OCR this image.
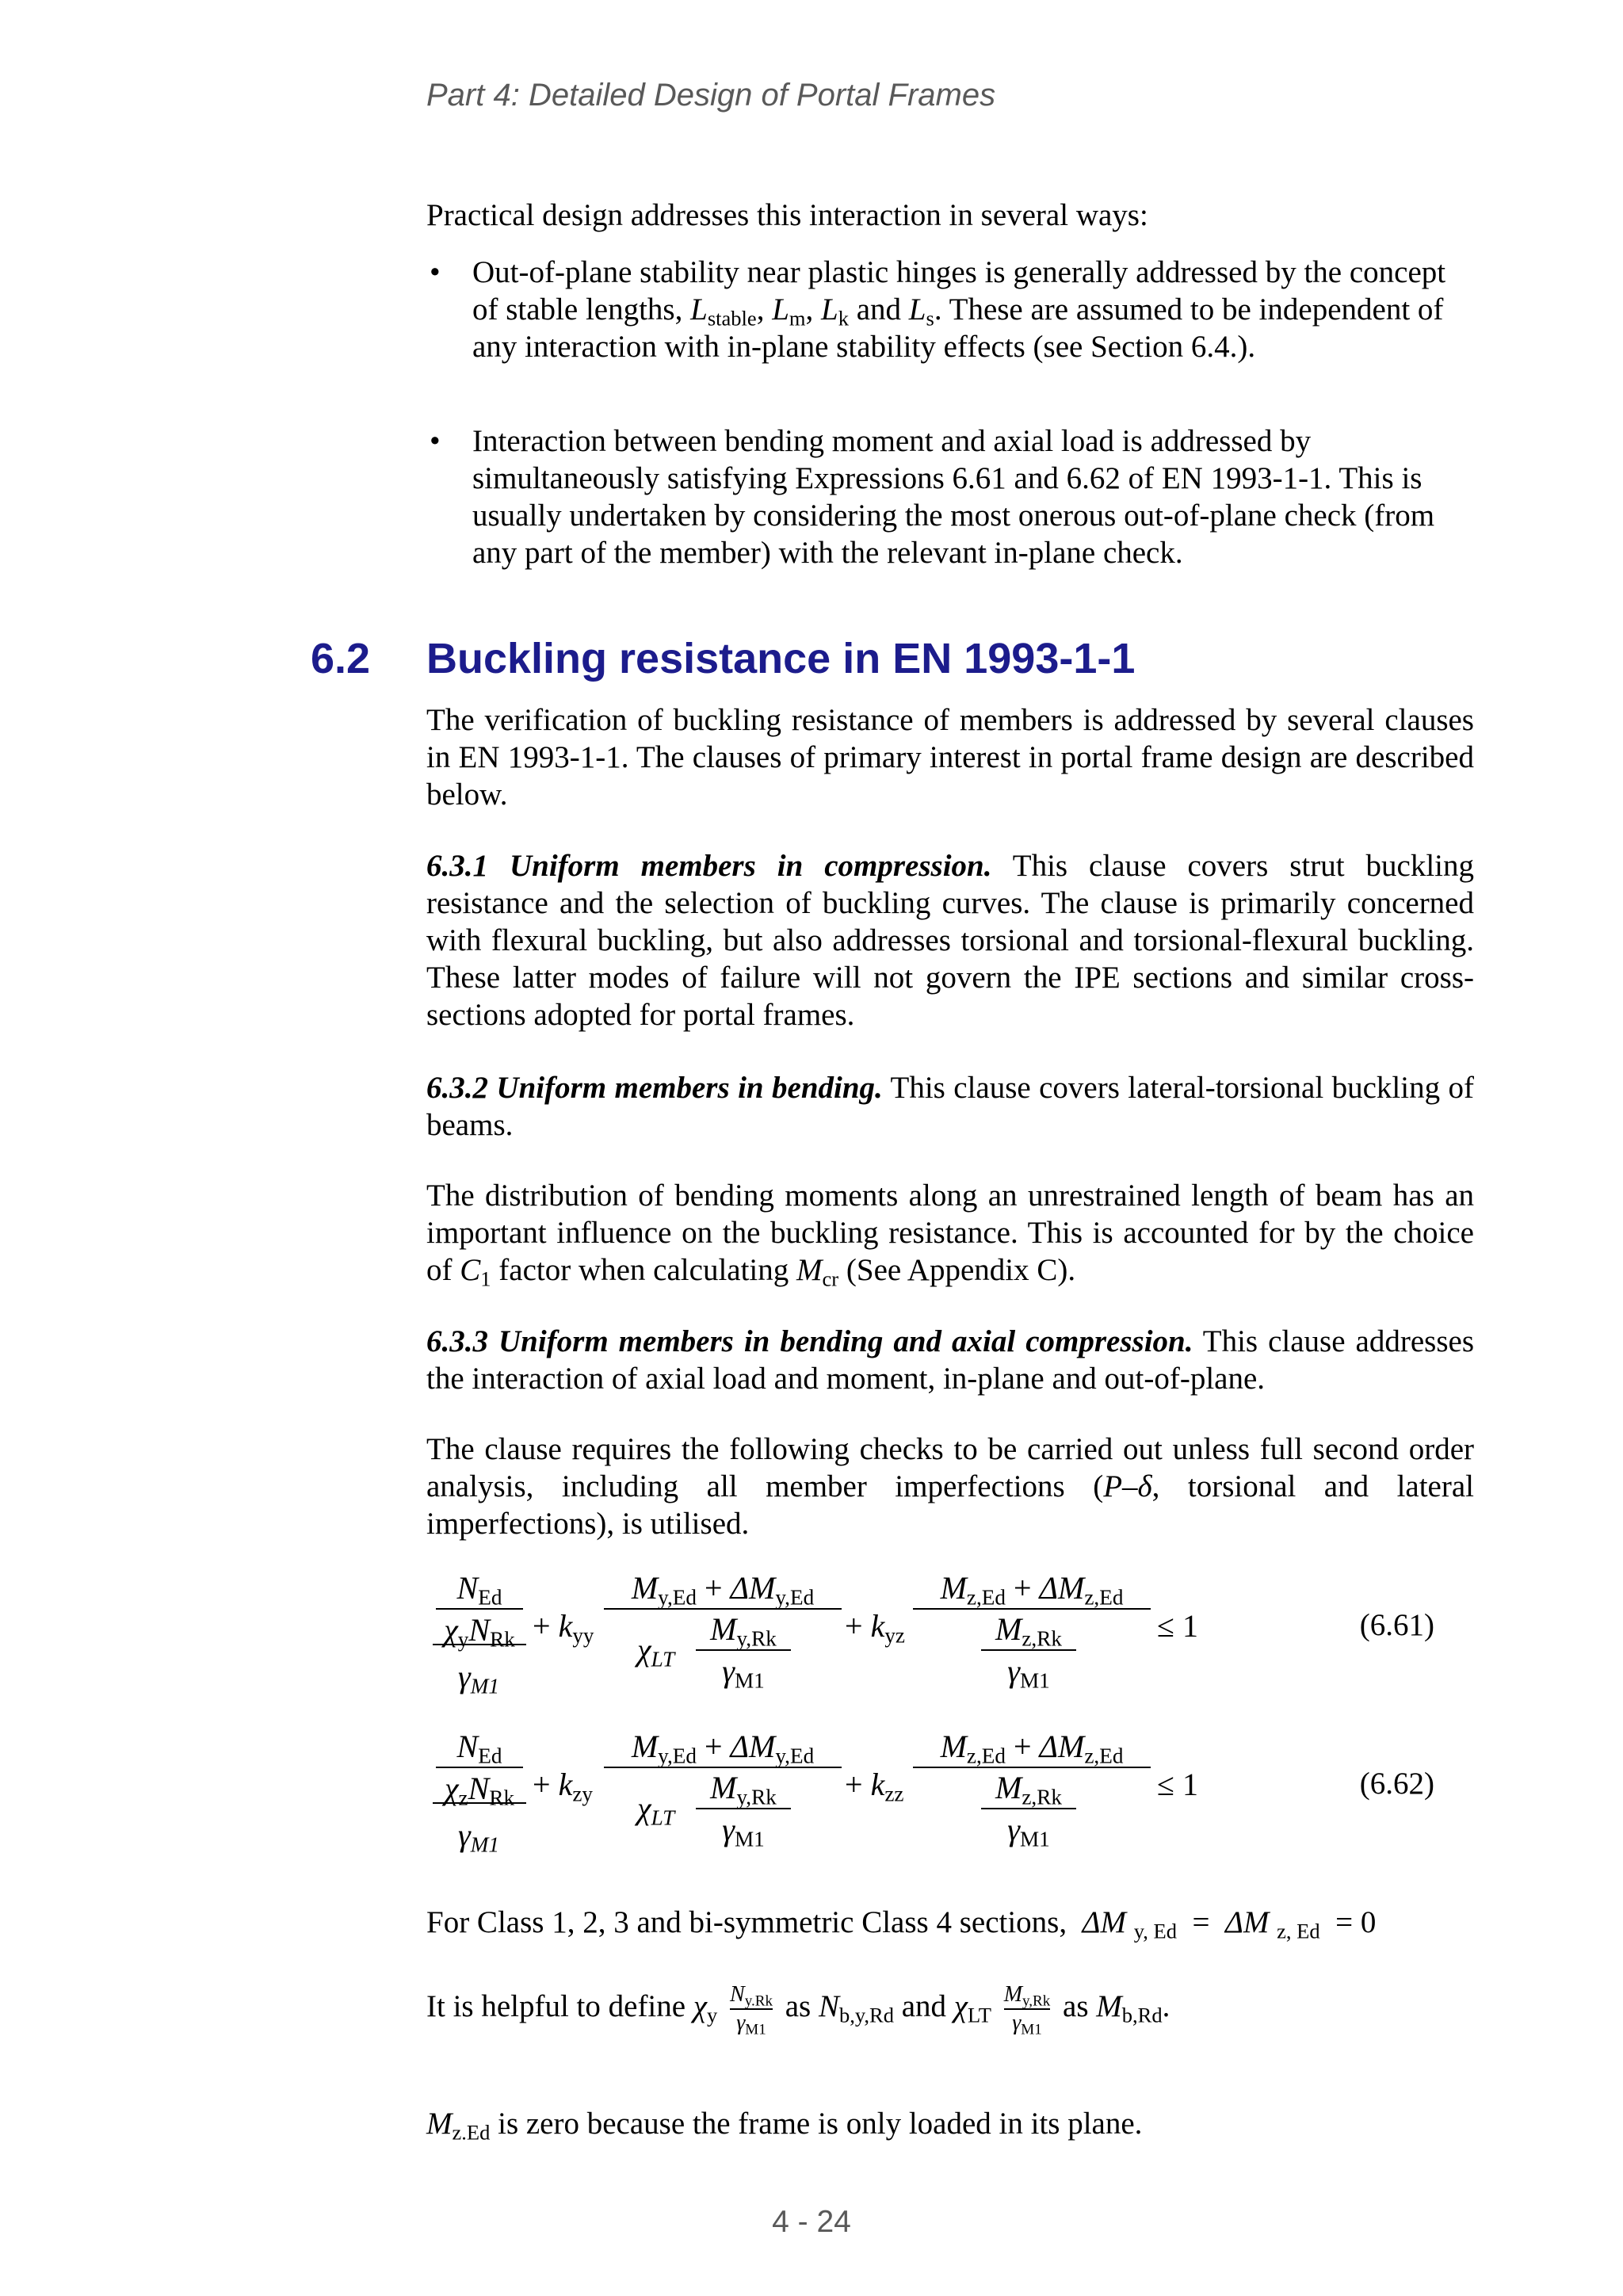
Part 4: Detailed Design of Portal Frames

Practical design addresses this interaction in several ways:

• Out-of-plane stability near plastic hinges is generally addressed by the concept of stable lengths, $L_{stable}$, $L_m$, $L_k$ and $L_s$. These are assumed to be independent of any interaction with in-plane stability effects (see Section 6.4.).
• Interaction between bending moment and axial load is addressed by simultaneously satisfying Expressions 6.61 and 6.62 of EN 1993-1-1. This is usually undertaken by considering the most onerous out-of-plane check (from any part of the member) with the relevant in-plane check.
6.2 Buckling resistance in EN 1993-1-1

The verification of buckling resistance of members is addressed by several clauses in EN 1993-1-1. The clauses of primary interest in portal frame design are described below.

6.3.1 Uniform members in compression. This clause covers strut buckling resistance and the selection of buckling curves. The clause is primarily concerned with flexural buckling, but also addresses torsional and torsional-flexural buckling. These latter modes of failure will not govern the IPE sections and similar cross-sections adopted for portal frames.

6.3.2 Uniform members in bending. This clause covers lateral-torsional buckling of beams.

The distribution of bending moments along an unrestrained length of beam has an important influence on the buckling resistance. This is accounted for by the choice of $C_1$ factor when calculating $M_{cr}$ (See Appendix C).

6.3.3 Uniform members in bending and axial compression. This clause addresses the interaction of axial load and moment, in-plane and out-of-plane.

The clause requires the following checks to be carried out unless full second order analysis, including all member imperfections (P–δ, torsional and lateral imperfections), is utilised.

$N_{Ed}$
$\chi_yN_{Rk}$
$\gamma_{M1}$
+ $k_{yy}$
$M_{y,Ed} + \Delta M_{y,Ed}$
$\chi_{LT}$
$M_{y,Rk}$
$\gamma_{M1}$
+ $k_{yz}$
$M_{z,Ed} + \Delta M_{z,Ed}$
$M_{z,Rk}$
$\gamma_{M1}$
≤ 1	(6.61)
$N_{Ed}$
$\chi_zN_{Rk}$
$\gamma_{M1}$
+ $k_{zy}$
$M_{y,Ed} + \Delta M_{y,Ed}$
$\chi_{LT}$
$M_{y,Rk}$
$\gamma_{M1}$
+ $k_{zz}$
$M_{z,Ed} + \Delta M_{z,Ed}$
$M_{z,Rk}$
$\gamma_{M1}$
≤ 1	(6.62)

For Class 1, 2, 3 and bi-symmetric Class 4 sections, ΔM $_{y, Ed}$  =  ΔM $_{z, Ed}$  = 0

It is helpful to define $\chi_y \frac{N_{y.Rk}}{\gamma_{M1}}$ as $N_{b,y,Rd}$ and $\chi_{LT} \frac{M_{y,Rk}}{\gamma_{M1}}$ as $M_{b,Rd}$.

$M_{z.Ed}$ is zero because the frame is only loaded in its plane.

4 - 24
